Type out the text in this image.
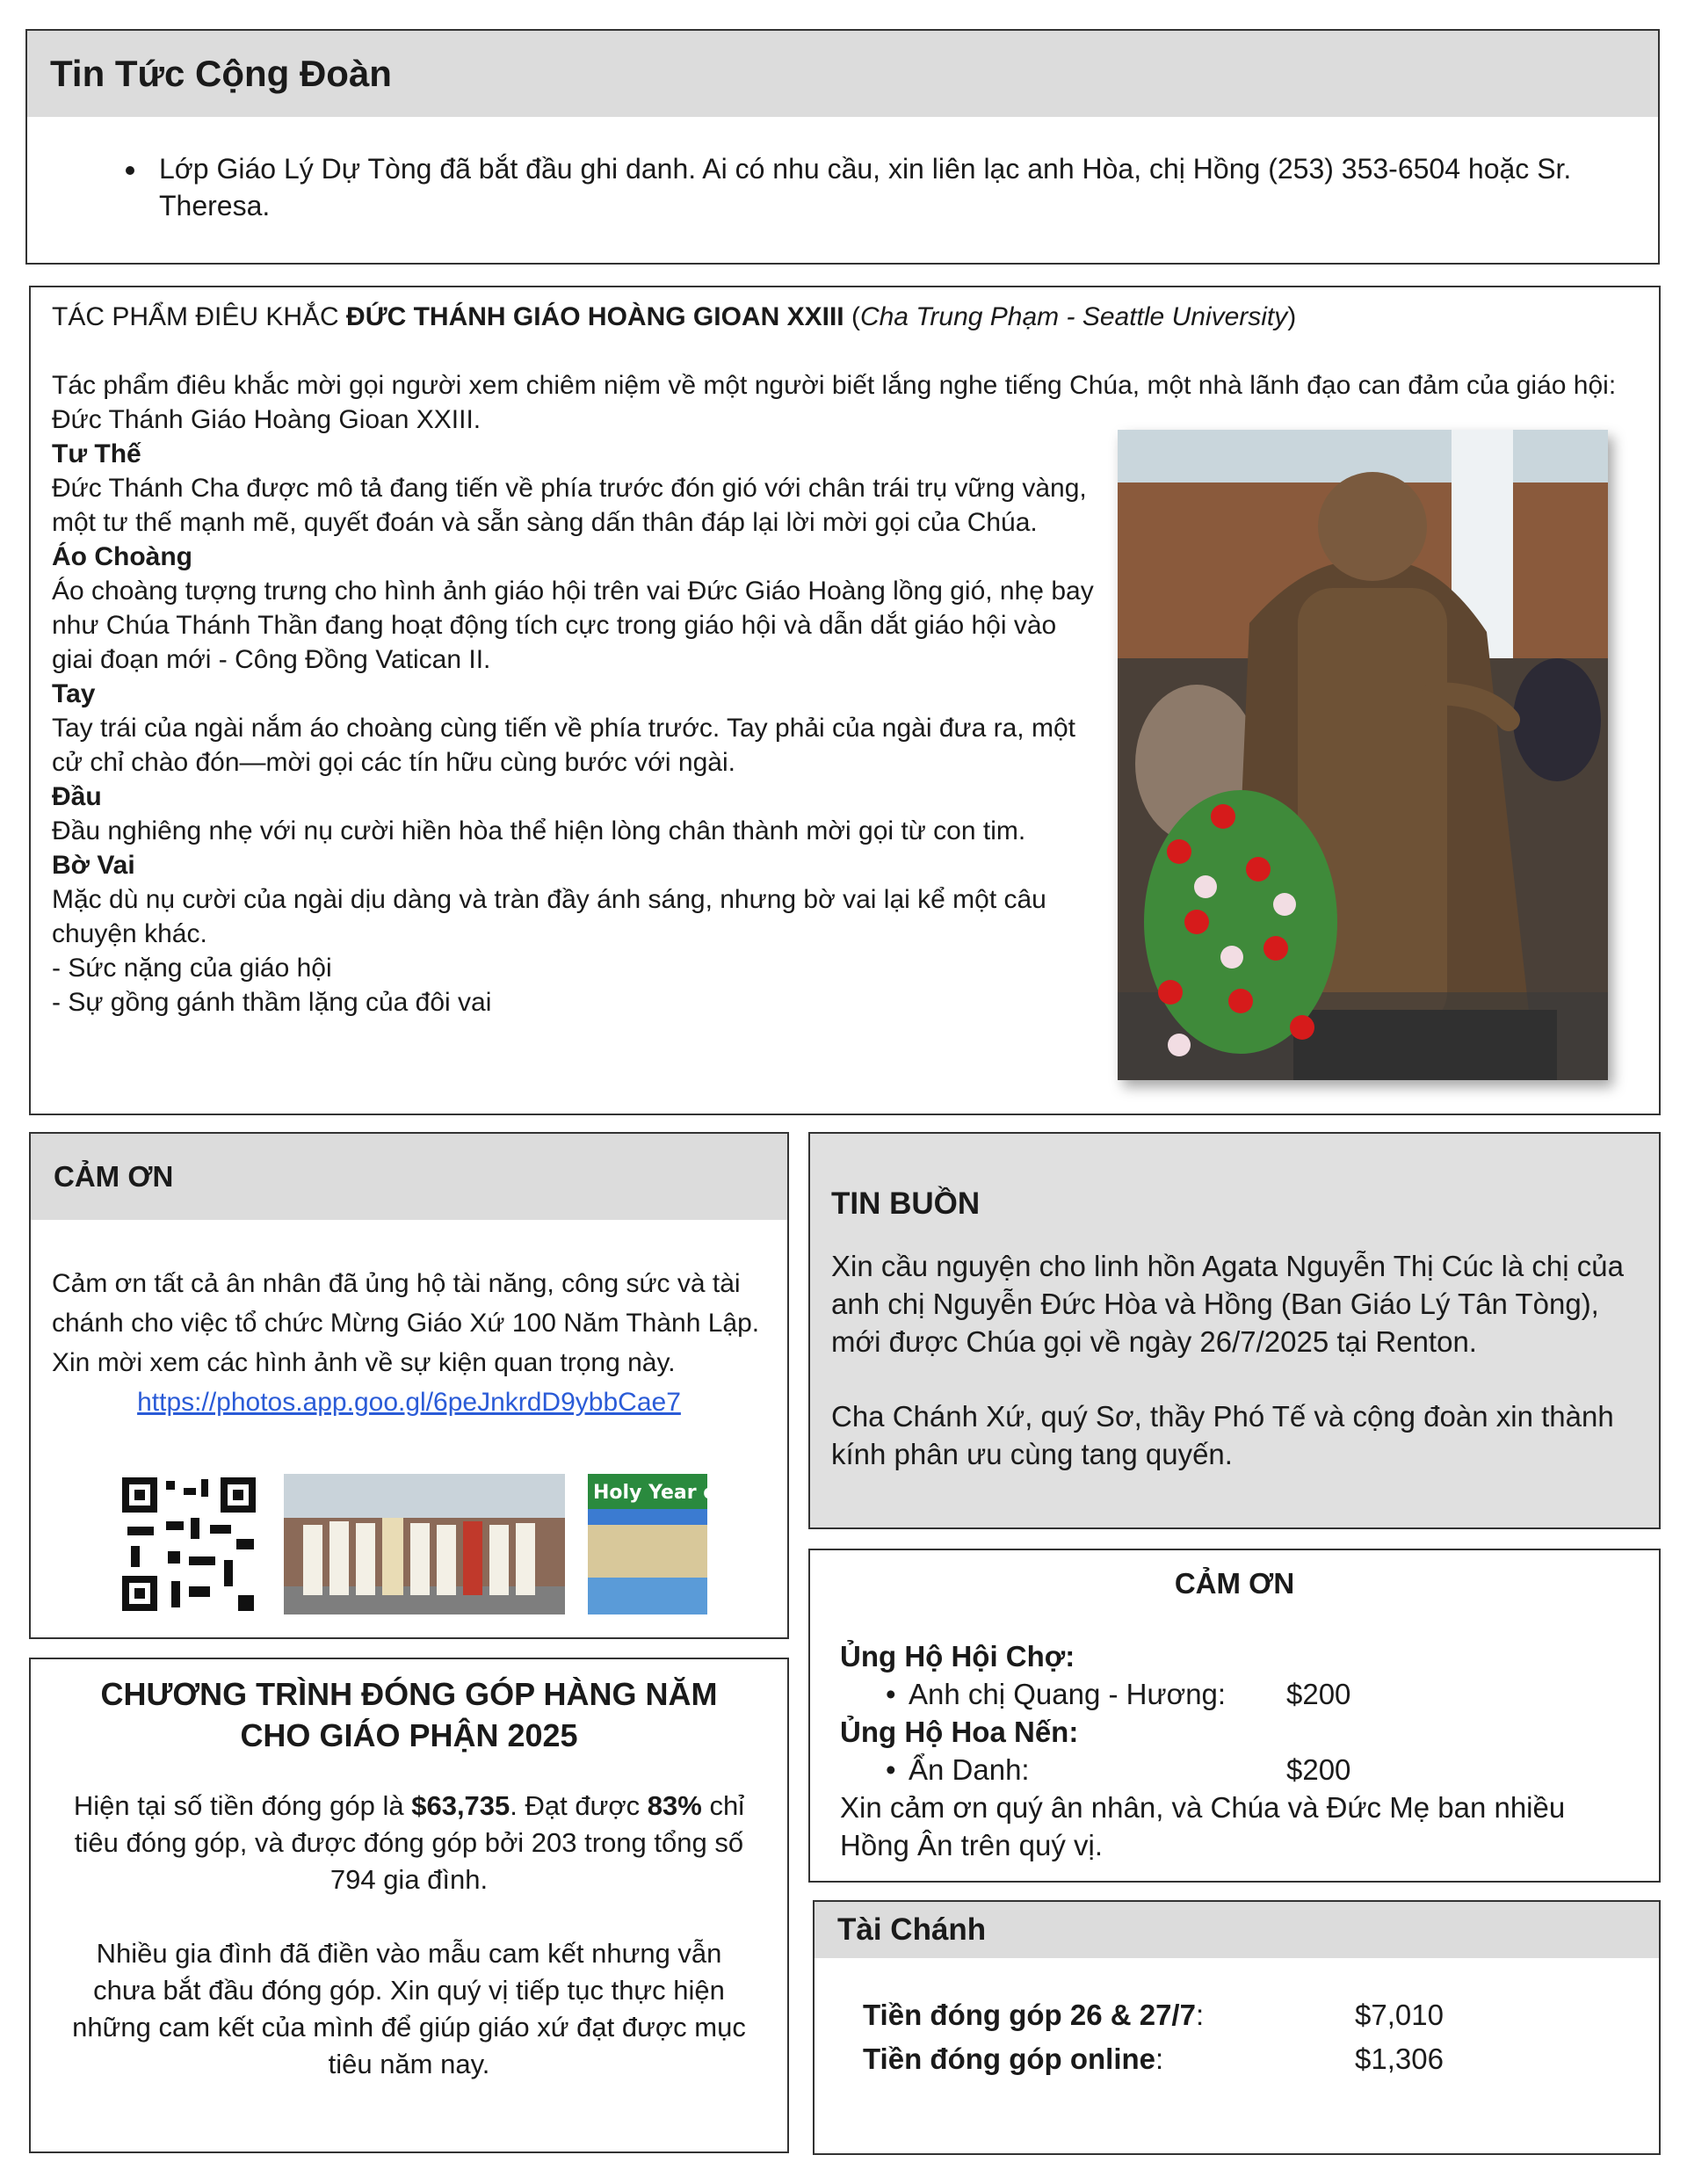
Tin Tức Cộng Đoàn
• Lớp Giáo Lý Dự Tòng đã bắt đầu ghi danh. Ai có nhu cầu, xin liên lạc anh Hòa, chị Hồng (253) 353-6504 hoặc Sr. Theresa.

TÁC PHẨM ĐIÊU KHẮC ĐỨC THÁNH GIÁO HOÀNG GIOAN XXIII (Cha Trung Phạm - Seattle University)

Tác phẩm điêu khắc mời gọi người xem chiêm niệm về một người biết lắng nghe tiếng Chúa, một nhà lãnh đạo can đảm của giáo hội: Đức Thánh Giáo Hoàng Gioan XXIII.

Tư Thế

Đức Thánh Cha được mô tả đang tiến về phía trước đón gió với chân trái trụ vững vàng, một tư thế mạnh mẽ, quyết đoán và sẵn sàng dấn thân đáp lại lời mời gọi của Chúa.

Áo Choàng

Áo choàng tượng trưng cho hình ảnh giáo hội trên vai Đức Giáo Hoàng lồng gió, nhẹ bay như Chúa Thánh Thần đang hoạt động tích cực trong giáo hội và dẫn dắt giáo hội vào giai đoạn mới - Công Đồng Vatican II.

Tay

Tay trái của ngài nắm áo choàng cùng tiến về phía trước. Tay phải của ngài đưa ra, một cử chỉ chào đón—mời gọi các tín hữu cùng bước với ngài.

Đầu

Đầu nghiêng nhẹ với nụ cười hiền hòa thể hiện lòng chân thành mời gọi từ con tim.

Bờ Vai

Mặc dù nụ cười của ngài dịu dàng và tràn đầy ánh sáng, nhưng bờ vai lại kể một câu chuyện khác.

- Sức nặng của giáo hội

- Sự gồng gánh thầm lặng của đôi vai

CẢM ƠN
Cảm ơn tất cả ân nhân đã ủng hộ tài năng, công sức và tài chánh cho việc tổ chức Mừng Giáo Xứ 100 Năm Thành Lập.
Xin mời xem các hình ảnh về sự kiện quan trọng này.
https://photos.app.goo.gl/6peJnkrdD9ybbCae7
Holy Year o
TIN BUỒN

Xin cầu nguyện cho linh hồn Agata Nguyễn Thị Cúc là chị của anh chị Nguyễn Đức Hòa và Hồng (Ban Giáo Lý Tân Tòng), mới được Chúa gọi về ngày 26/7/2025 tại Renton.

Cha Chánh Xứ, quý Sơ, thầy Phó Tế và cộng đoàn xin thành kính phân ưu cùng tang quyến.

CHƯƠNG TRÌNH ĐÓNG GÓP HÀNG NĂM CHO GIÁO PHẬN 2025

Hiện tại số tiền đóng góp là $63,735. Đạt được 83% chỉ tiêu đóng góp, và được đóng góp bởi 203 trong tổng số 794 gia đình.

Nhiều gia đình đã điền vào mẫu cam kết nhưng vẫn chưa bắt đầu đóng góp. Xin quý vị tiếp tục thực hiện những cam kết của mình để giúp giáo xứ đạt được mục tiêu năm nay.

CẢM ƠN
Ủng Hộ Hội Chợ:
• Anh chị Quang - Hương:	$200
Ủng Hộ Hoa Nến:
• Ẩn Danh:	$200
Xin cảm ơn quý ân nhân, và Chúa và Đức Mẹ ban nhiều Hồng Ân trên quý vị.
Tài Chánh
Tiền đóng góp 26 & 27/7:	$7,010
Tiền đóng góp online:	$1,306
